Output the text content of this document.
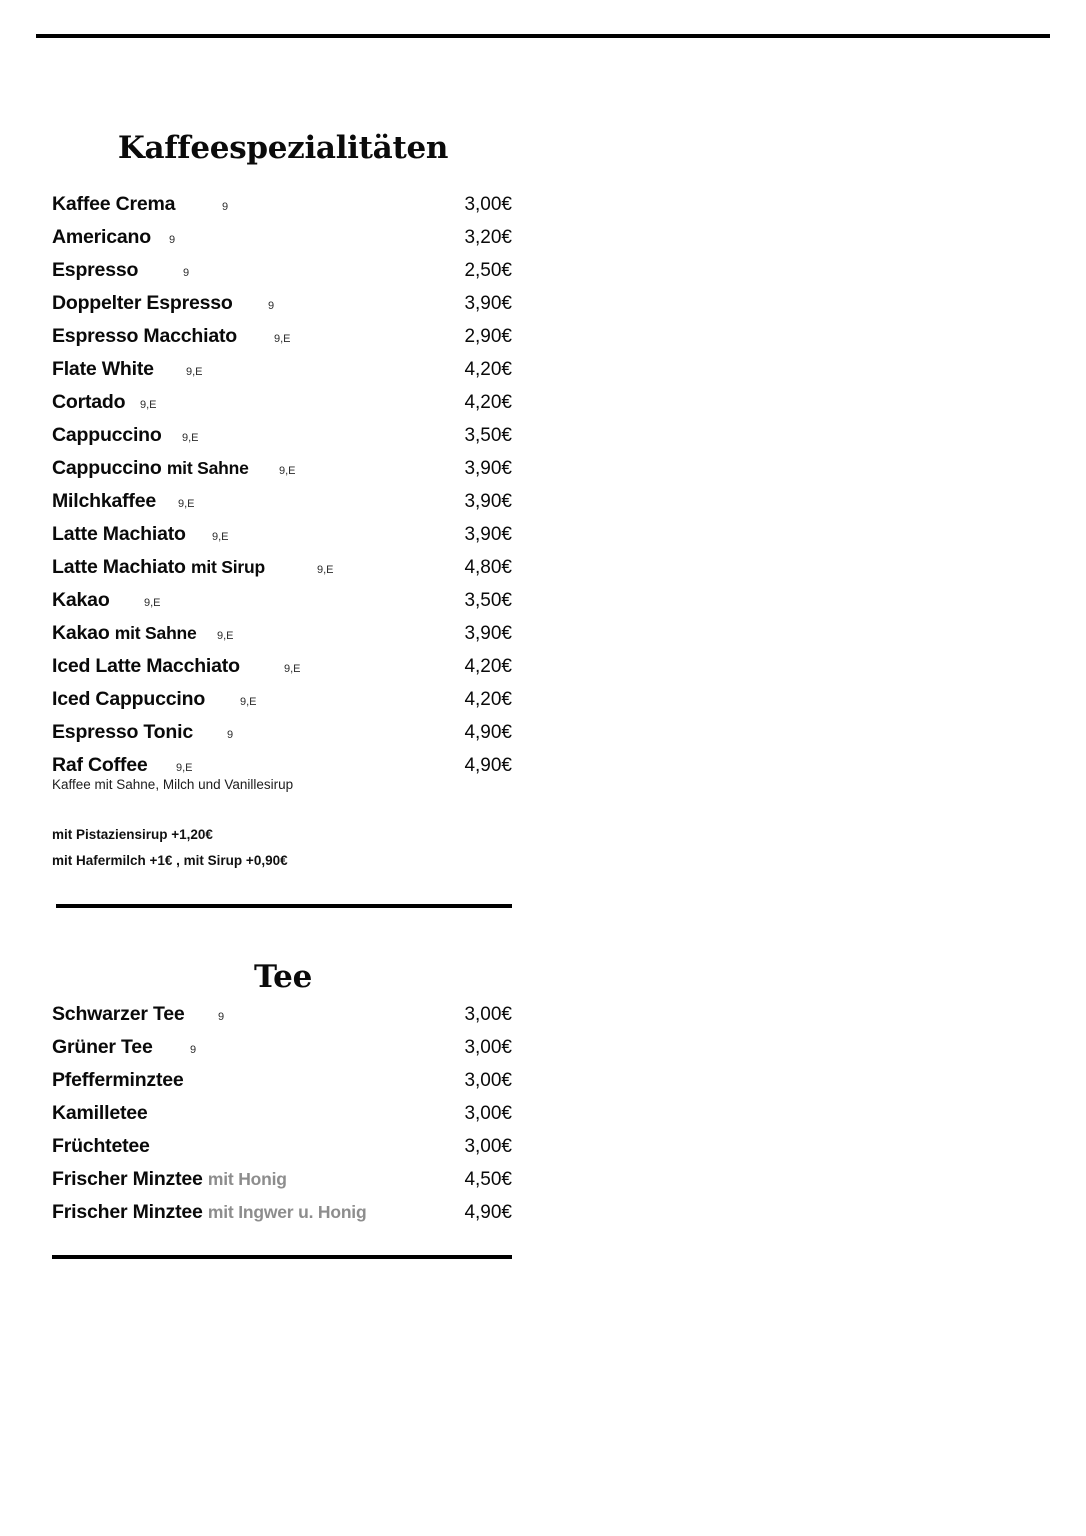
Kaffeespezialitäten
Kaffee Crema	9	3,00€
Americano 9	3,20€
Espresso	9	2,50€
Doppelter Espresso	9	3,90€
Espresso Macchiato	9,E	2,90€
Flate White	9,E	4,20€
Cortado 9,E	4,20€
Cappuccino 9,E	3,50€
Cappuccino mit Sahne	9,E	3,90€
Milchkaffee 9,E	3,90€
Latte Machiato 9,E	3,90€
Latte Machiato mit Sirup	9,E	4,80€
Kakao	9,E	3,50€
Kakao mit Sahne 9,E	3,90€
Iced Latte Macchiato	9,E	4,20€
Iced Cappuccino	9,E	4,20€
Espresso Tonic	9	4,90€
Raf Coffee	9,E	4,90€
Kaffee mit Sahne, Milch und Vanillesirup
mit Pistaziensirup +1,20€
mit Hafermilch +1€ , mit Sirup +0,90€
Tee
Schwarzer Tee	9	3,00€
Grüner Tee	9	3,00€
Pfefferminztee	3,00€
Kamilletee	3,00€
Früchtetee	3,00€
Frischer Minztee mit Honig	4,50€
Frischer Minztee mit Ingwer u. Honig	4,90€
